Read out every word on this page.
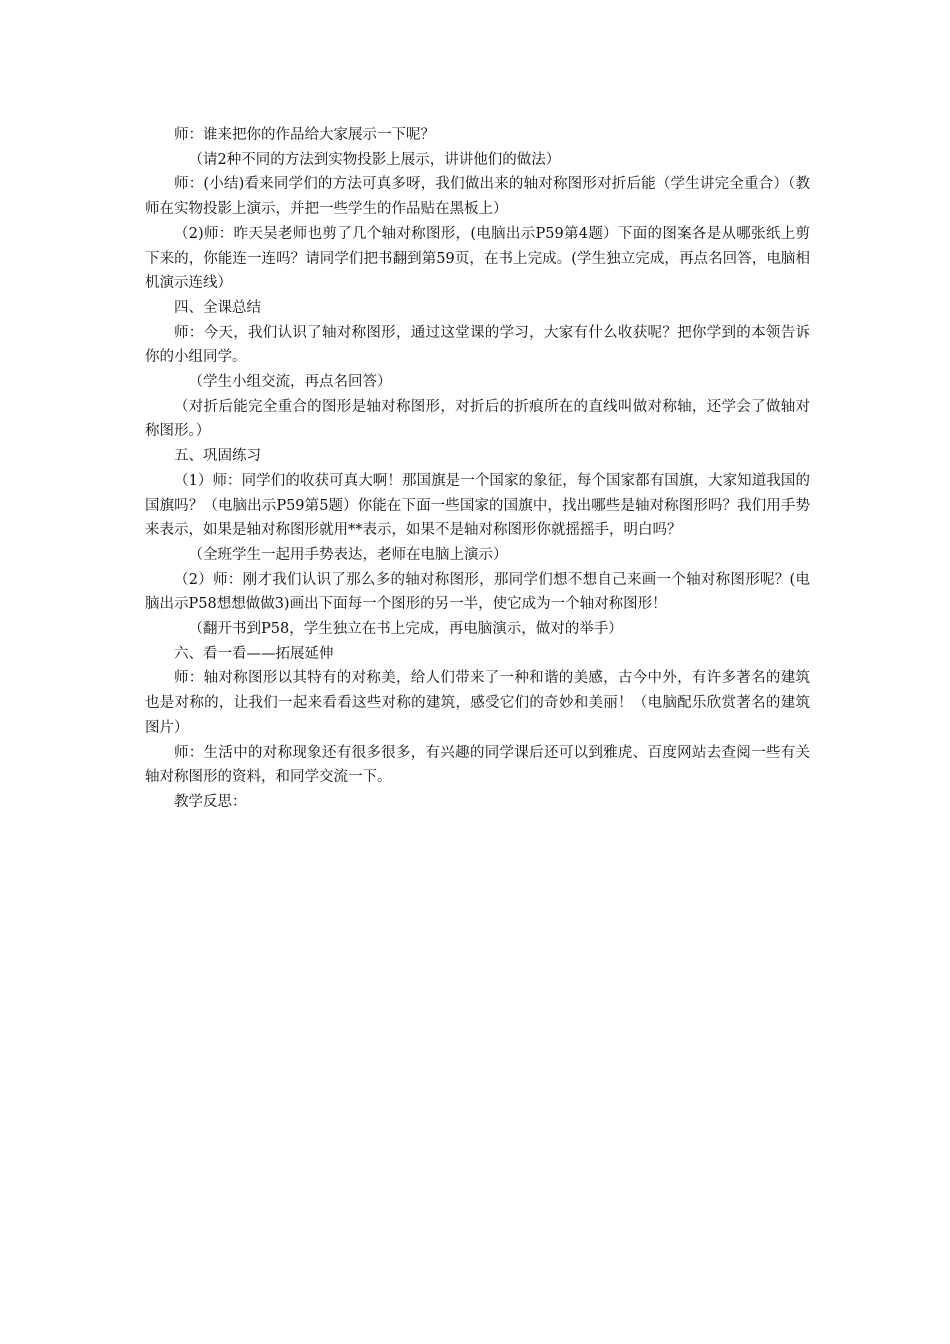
师：谁来把你的作品给大家展示一下呢？

（请2种不同的方法到实物投影上展示，讲讲他们的做法）

师：(小结)看来同学们的方法可真多呀，我们做出来的轴对称图形对折后能（学生讲完全重合）（教师在实物投影上演示，并把一些学生的作品贴在黑板上）

（2)师：昨天吴老师也剪了几个轴对称图形，(电脑出示P59第4题）下面的图案各是从哪张纸上剪下来的，你能连一连吗？请同学们把书翻到第59页，在书上完成。(学生独立完成，再点名回答，电脑相机演示连线）

四、全课总结

师：今天，我们认识了轴对称图形，通过这堂课的学习，大家有什么收获呢？把你学到的本领告诉你的小组同学。

（学生小组交流，再点名回答）

（对折后能完全重合的图形是轴对称图形，对折后的折痕所在的直线叫做对称轴，还学会了做轴对称图形。）

五、巩固练习

（1）师：同学们的收获可真大啊！那国旗是一个国家的象征，每个国家都有国旗，大家知道我国的国旗吗？（电脑出示P59第5题）你能在下面一些国家的国旗中，找出哪些是轴对称图形吗？我们用手势来表示，如果是轴对称图形就用**表示，如果不是轴对称图形你就摇摇手，明白吗？

（全班学生一起用手势表达，老师在电脑上演示）

（2）师：刚才我们认识了那么多的轴对称图形，那同学们想不想自己来画一个轴对称图形呢？(电脑出示P58想想做做3)画出下面每一个图形的另一半，使它成为一个轴对称图形！

（翻开书到P58，学生独立在书上完成，再电脑演示，做对的举手）

六、看一看——拓展延伸

师：轴对称图形以其特有的对称美，给人们带来了一种和谐的美感，古今中外，有许多著名的建筑也是对称的，让我们一起来看看这些对称的建筑，感受它们的奇妙和美丽！（电脑配乐欣赏著名的建筑图片）

师：生活中的对称现象还有很多很多，有兴趣的同学课后还可以到雅虎、百度网站去查阅一些有关轴对称图形的资料，和同学交流一下。

教学反思：
